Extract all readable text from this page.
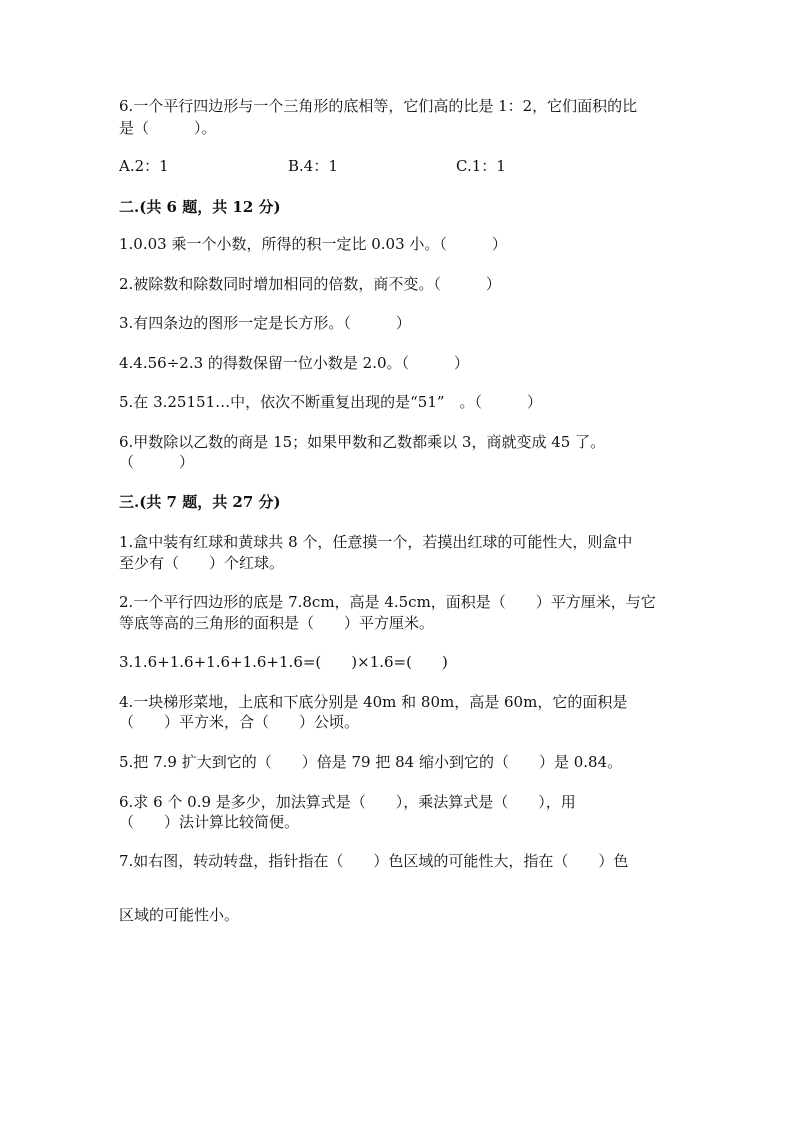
6.一个平行四边形与一个三角形的底相等，它们高的比是 1：2，它们面积的比
是（　　　）。
A.2：1	B.4：1	C.1：1
二.(共 6 题，共 12 分)
1.0.03 乘一个小数，所得的积一定比 0.03 小。（　　　）
2.被除数和除数同时增加相同的倍数，商不变。（　　　）
3.有四条边的图形一定是长方形。（　　　）
4.4.56÷2.3 的得数保留一位小数是 2.0。（　　　）
5.在 3.25151…中，依次不断重复出现的是“51”　。（　　　）
6.甲数除以乙数的商是 15；如果甲数和乙数都乘以 3，商就变成 45 了。
（　　　）
三.(共 7 题，共 27 分)
1.盒中装有红球和黄球共 8 个，任意摸一个，若摸出红球的可能性大，则盒中
至少有（　　）个红球。
2.一个平行四边形的底是 7.8cm，高是 4.5cm，面积是（　　）平方厘米，与它
等底等高的三角形的面积是（　　）平方厘米。
3.1.6+1.6+1.6+1.6+1.6=(　　)×1.6=(　　)
4.一块梯形菜地，上底和下底分别是 40m 和 80m，高是 60m，它的面积是
（　　）平方米，合（　　）公顷。
5.把 7.9 扩大到它的（　　）倍是 79 把 84 缩小到它的（　　）是 0.84。
6.求 6 个 0.9 是多少，加法算式是（　　），乘法算式是（　　），用
（　　）法计算比较简便。
7.如右图，转动转盘，指针指在（　　）色区域的可能性大，指在（　　）色
区域的可能性小。
